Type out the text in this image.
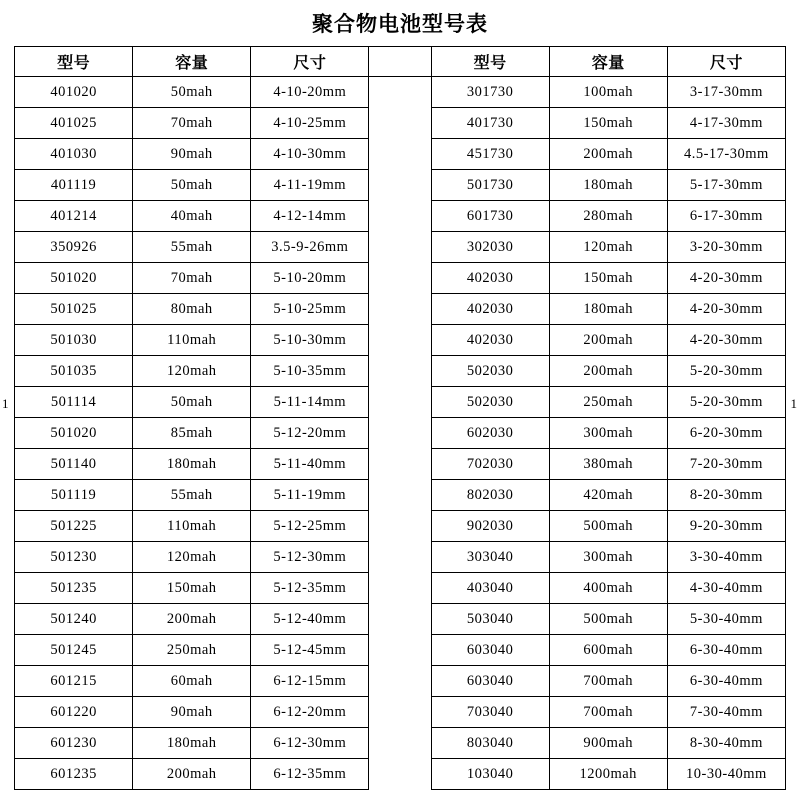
聚合物电池型号表
1	1
型号	容量	尺寸		型号	容量	尺寸
401020	50mah	4-10-20mm		301730	100mah	3-17-30mm
401025	70mah	4-10-25mm		401730	150mah	4-17-30mm
401030	90mah	4-10-30mm		451730	200mah	4.5-17-30mm
401119	50mah	4-11-19mm		501730	180mah	5-17-30mm
401214	40mah	4-12-14mm		601730	280mah	6-17-30mm
350926	55mah	3.5-9-26mm		302030	120mah	3-20-30mm
501020	70mah	5-10-20mm		402030	150mah	4-20-30mm
501025	80mah	5-10-25mm		402030	180mah	4-20-30mm
501030	110mah	5-10-30mm		402030	200mah	4-20-30mm
501035	120mah	5-10-35mm		502030	200mah	5-20-30mm
501114	50mah	5-11-14mm		502030	250mah	5-20-30mm
501020	85mah	5-12-20mm		602030	300mah	6-20-30mm
501140	180mah	5-11-40mm		702030	380mah	7-20-30mm
501119	55mah	5-11-19mm		802030	420mah	8-20-30mm
501225	110mah	5-12-25mm		902030	500mah	9-20-30mm
501230	120mah	5-12-30mm		303040	300mah	3-30-40mm
501235	150mah	5-12-35mm		403040	400mah	4-30-40mm
501240	200mah	5-12-40mm		503040	500mah	5-30-40mm
501245	250mah	5-12-45mm		603040	600mah	6-30-40mm
601215	60mah	6-12-15mm		603040	700mah	6-30-40mm
601220	90mah	6-12-20mm		703040	700mah	7-30-40mm
601230	180mah	6-12-30mm		803040	900mah	8-30-40mm
601235	200mah	6-12-35mm		103040	1200mah	10-30-40mm
